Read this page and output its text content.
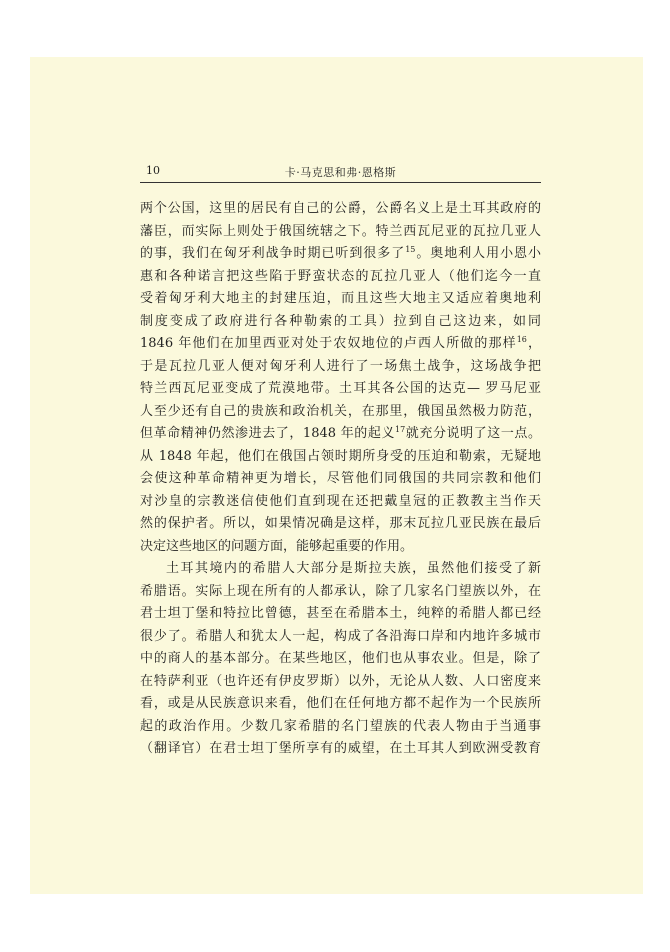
10	卡·马克思和弗·恩格斯
两个公国，这里的居民有自己的公爵，公爵名义上是土耳其政府的
藩臣，而实际上则处于俄国统辖之下。特兰西瓦尼亚的瓦拉几亚人
的事，我们在匈牙利战争时期已听到很多了$^{15}$。奥地利人用小恩小
惠和各种诺言把这些陷于野蛮状态的瓦拉几亚人（他们迄今一直
受着匈牙利大地主的封建压迫，而且这些大地主又适应着奥地利
制度变成了政府进行各种勒索的工具）拉到自己这边来，如同
1846 年他们在加里西亚对处于农奴地位的卢西人所做的那样$^{16}$，
于是瓦拉几亚人便对匈牙利人进行了一场焦土战争，这场战争把
特兰西瓦尼亚变成了荒漠地带。土耳其各公国的达克— 罗马尼亚
人至少还有自己的贵族和政治机关，在那里，俄国虽然极力防范，
但革命精神仍然渗进去了，1848 年的起义$^{17}$就充分说明了这一点。
从 1848 年起，他们在俄国占领时期所身受的压迫和勒索，无疑地
会使这种革命精神更为增长，尽管他们同俄国的共同宗教和他们
对沙皇的宗教迷信使他们直到现在还把戴皇冠的正教教主当作天
然的保护者。所以，如果情况确是这样，那末瓦拉几亚民族在最后
决定这些地区的问题方面，能够起重要的作用。
土耳其境内的希腊人大部分是斯拉夫族，虽然他们接受了新
希腊语。实际上现在所有的人都承认，除了几家名门望族以外，在
君士坦丁堡和特拉比曾德，甚至在希腊本土，纯粹的希腊人都已经
很少了。希腊人和犹太人一起，构成了各沿海口岸和内地许多城市
中的商人的基本部分。在某些地区，他们也从事农业。但是，除了
在特萨利亚（也许还有伊皮罗斯）以外，无论从人数、人口密度来
看，或是从民族意识来看，他们在任何地方都不起作为一个民族所
起的政治作用。少数几家希腊的名门望族的代表人物由于当通事
（翻译官）在君士坦丁堡所享有的威望，在土耳其人到欧洲受教育
